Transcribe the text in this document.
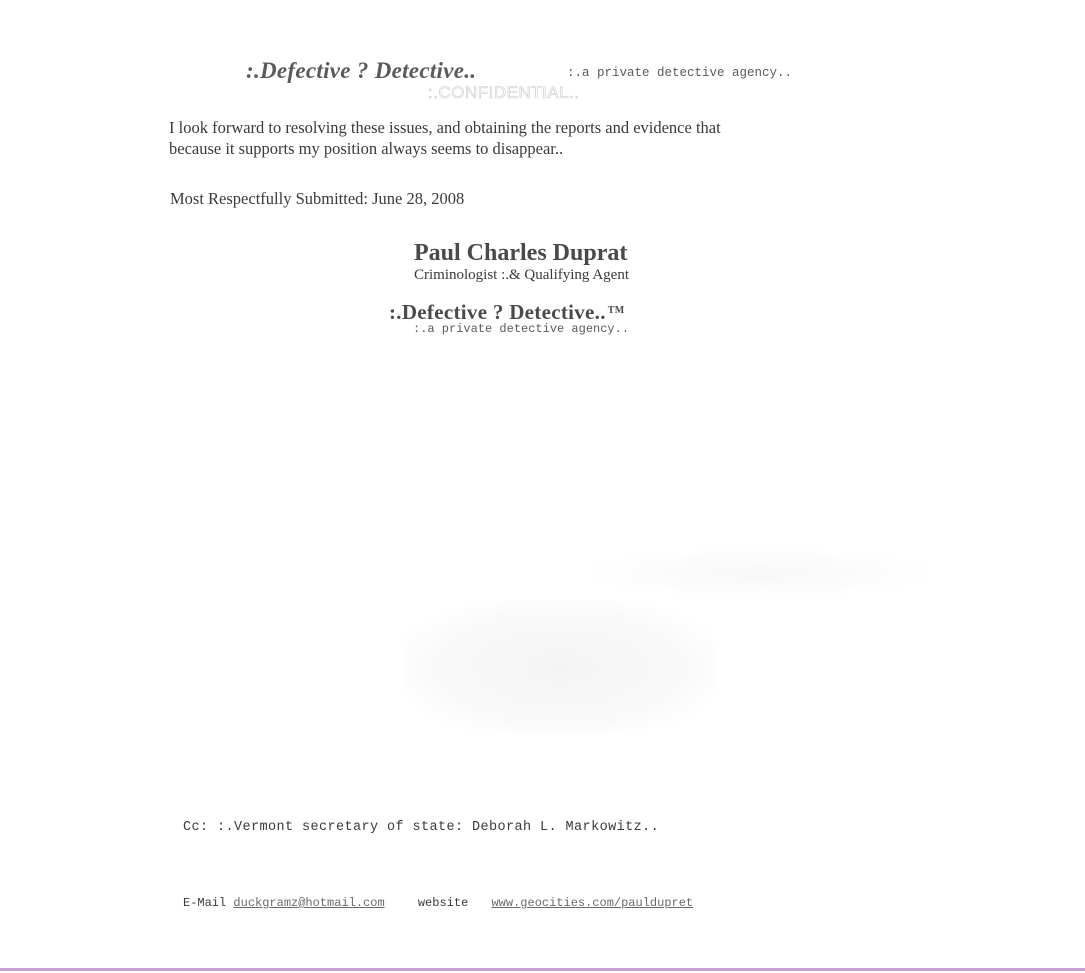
:.Defective ? Detective..	:.a private detective agency..
:.CONFIDENTIAL..
I look forward to resolving these issues, and obtaining the reports and evidence that
because it supports my position always seems to disappear..
Most Respectfully Submitted: June 28, 2008
Paul Charles Duprat
Criminologist :.& Qualifying Agent
:.Defective ? Detective.. ™
:.a private detective agency..
Cc: :.Vermont secretary of state: Deborah L. Markowitz..
E-Mail duckgramz@hotmail.com	website www.geocities.com/pauldupret
